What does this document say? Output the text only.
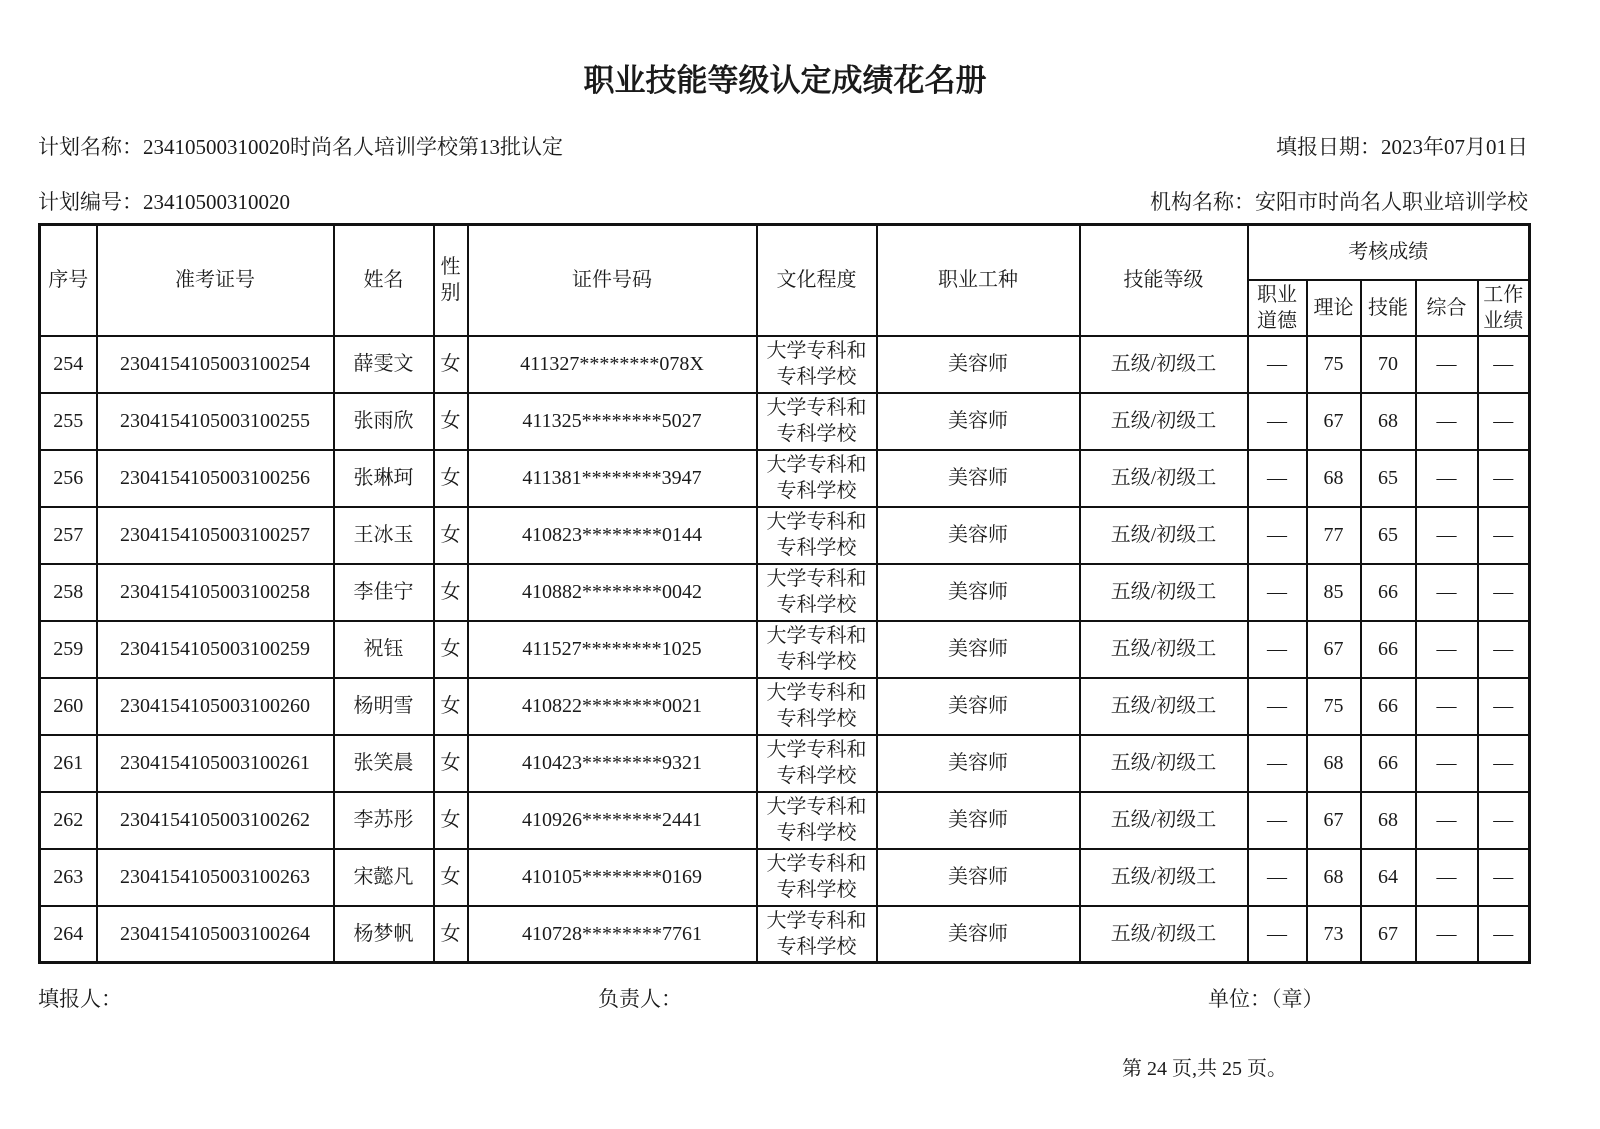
职业技能等级认定成绩花名册
计划名称：23410500310020时尚名人培训学校第13批认定	填报日期：2023年07月01日
计划编号：23410500310020	机构名称：安阳市时尚名人职业培训学校
序号	准考证号	姓名	性别	证件号码	文化程度	职业工种	技能等级	考核成绩				
								职业道德	理论	技能	综合	工作业绩
254	2304154105003100254	薛雯文	女	411327********078X	大学专科和专科学校	美容师	五级/初级工	—	75	70	—	—
255	2304154105003100255	张雨欣	女	411325********5027	大学专科和专科学校	美容师	五级/初级工	—	67	68	—	—
256	2304154105003100256	张琳珂	女	411381********3947	大学专科和专科学校	美容师	五级/初级工	—	68	65	—	—
257	2304154105003100257	王冰玉	女	410823********0144	大学专科和专科学校	美容师	五级/初级工	—	77	65	—	—
258	2304154105003100258	李佳宁	女	410882********0042	大学专科和专科学校	美容师	五级/初级工	—	85	66	—	—
259	2304154105003100259	祝钰	女	411527********1025	大学专科和专科学校	美容师	五级/初级工	—	67	66	—	—
260	2304154105003100260	杨明雪	女	410822********0021	大学专科和专科学校	美容师	五级/初级工	—	75	66	—	—
261	2304154105003100261	张笑晨	女	410423********9321	大学专科和专科学校	美容师	五级/初级工	—	68	66	—	—
262	2304154105003100262	李苏彤	女	410926********2441	大学专科和专科学校	美容师	五级/初级工	—	67	68	—	—
263	2304154105003100263	宋懿凡	女	410105********0169	大学专科和专科学校	美容师	五级/初级工	—	68	64	—	—
264	2304154105003100264	杨梦帆	女	410728********7761	大学专科和专科学校	美容师	五级/初级工	—	73	67	—	—
填报人：	负责人：	单位：（章）
第 24 页,共 25 页。
